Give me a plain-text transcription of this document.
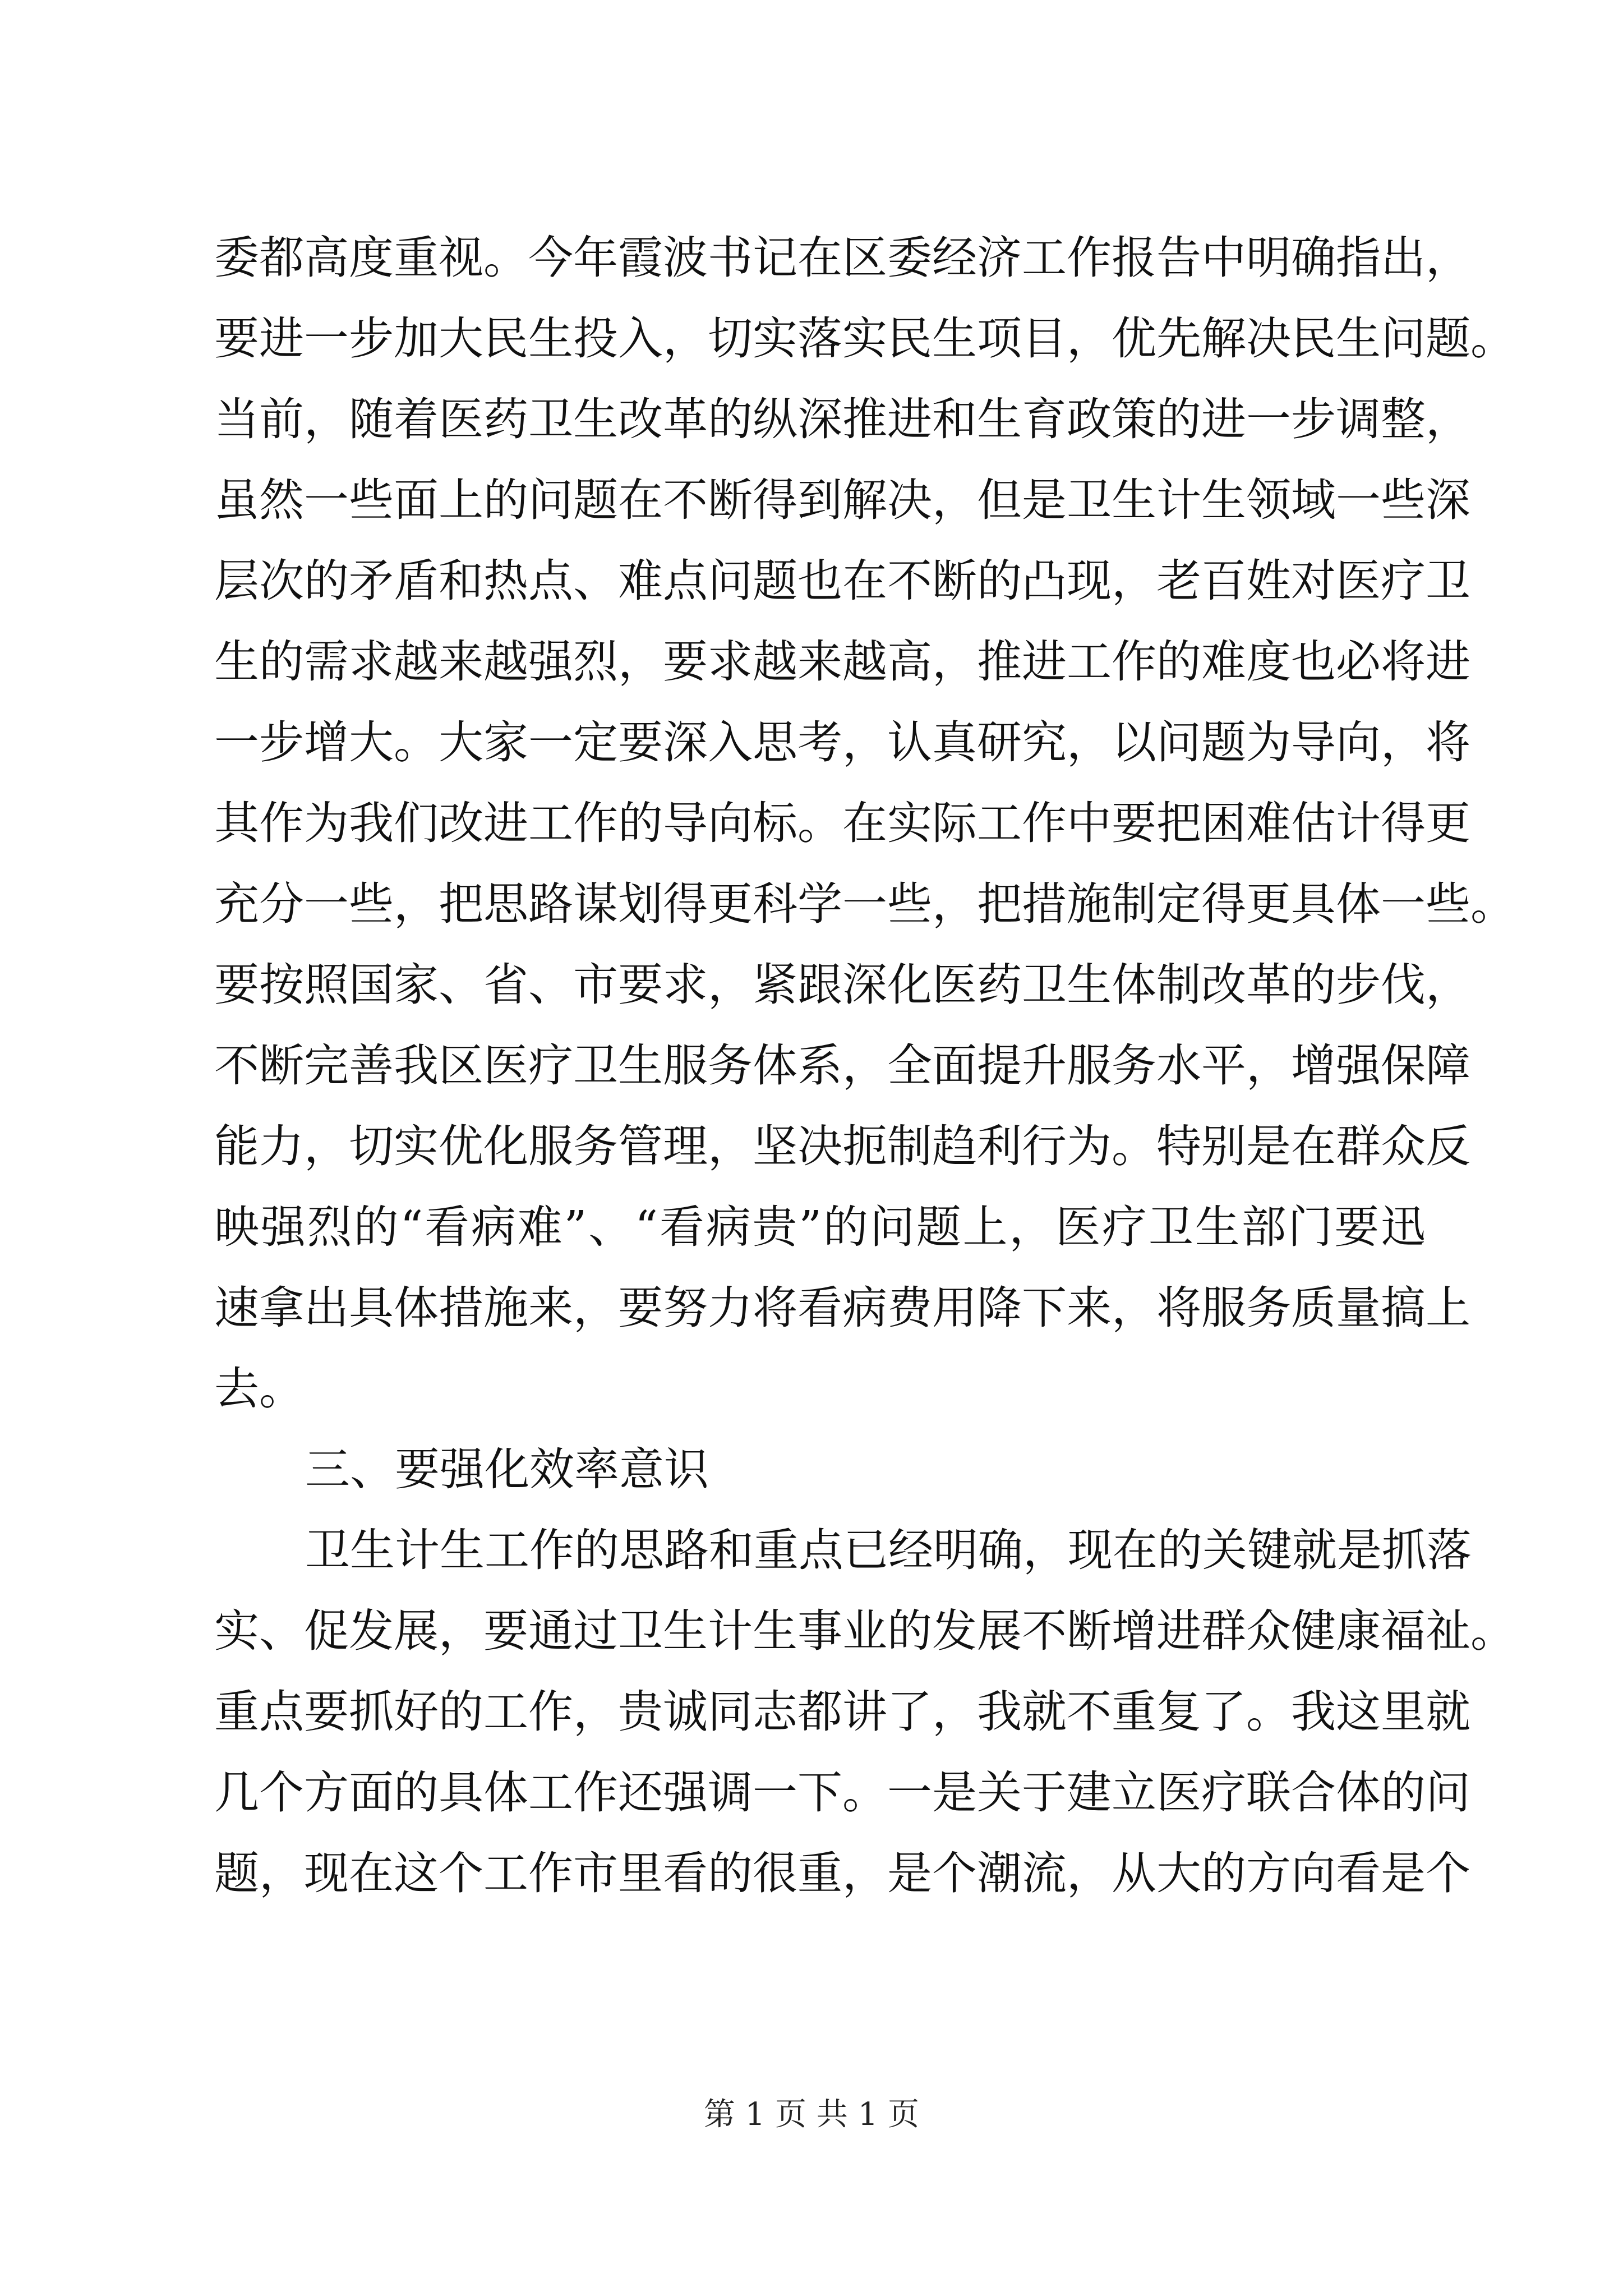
委都高度重视。今年霞波书记在区委经济工作报告中明确指出，
要进一步加大民生投入，切实落实民生项目，优先解决民生问题。
当前，随着医药卫生改革的纵深推进和生育政策的进一步调整，
虽然一些面上的问题在不断得到解决，但是卫生计生领域一些深
层次的矛盾和热点、难点问题也在不断的凸现，老百姓对医疗卫
生的需求越来越强烈，要求越来越高，推进工作的难度也必将进
一步增大。大家一定要深入思考，认真研究，以问题为导向，将
其作为我们改进工作的导向标。在实际工作中要把困难估计得更
充分一些，把思路谋划得更科学一些，把措施制定得更具体一些。
要按照国家、省、市要求，紧跟深化医药卫生体制改革的步伐，
不断完善我区医疗卫生服务体系，全面提升服务水平，增强保障
能力，切实优化服务管理，坚决扼制趋利行为。特别是在群众反
映强烈的“看病难”、“看病贵”的问题上，医疗卫生部门要迅
速拿出具体措施来，要努力将看病费用降下来，将服务质量搞上
去。
三、要强化效率意识
卫生计生工作的思路和重点已经明确，现在的关键就是抓落
实、促发展，要通过卫生计生事业的发展不断增进群众健康福祉。
重点要抓好的工作，贵诚同志都讲了，我就不重复了。我这里就
几个方面的具体工作还强调一下。一是关于建立医疗联合体的问
题，现在这个工作市里看的很重，是个潮流，从大的方向看是个
第 1 页 共 1 页
